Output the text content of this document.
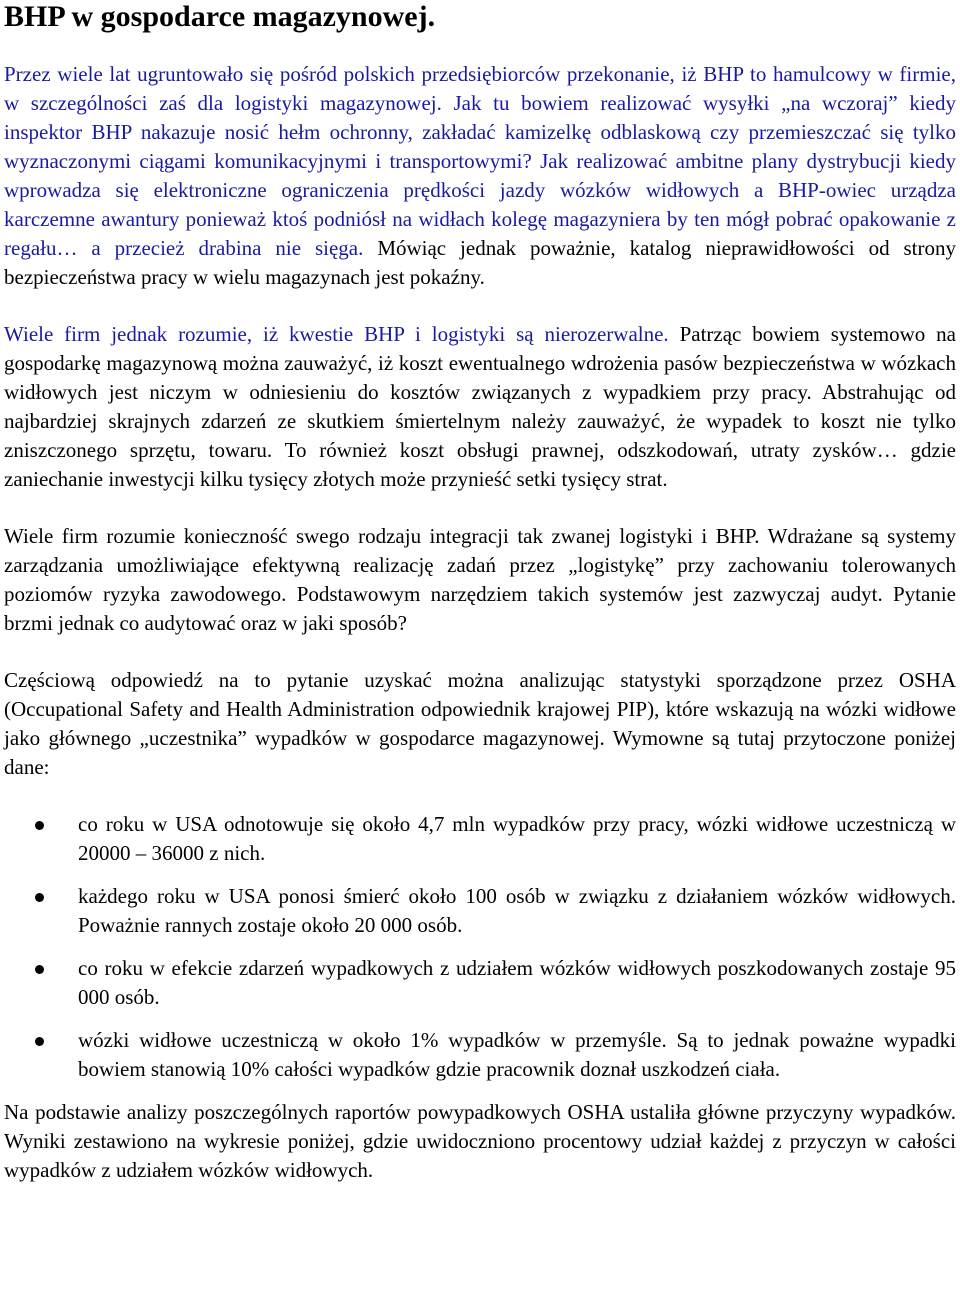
BHP w gospodarce magazynowej.

Przez wiele lat ugruntowało się pośród polskich przedsiębiorców przekonanie, iż BHP to hamulcowy w firmie, w szczególności zaś dla logistyki magazynowej. Jak tu bowiem realizować wysyłki „na wczoraj” kiedy inspektor BHP nakazuje nosić hełm ochronny, zakładać kamizelkę odblaskową czy przemieszczać się tylko wyznaczonymi ciągami komunikacyjnymi i transportowymi? Jak realizować ambitne plany dystrybucji kiedy wprowadza się elektroniczne ograniczenia prędkości jazdy wózków widłowych a BHP-owiec urządza karczemne awantury ponieważ ktoś podniósł na widłach kolegę magazyniera by ten mógł pobrać opakowanie z regału… a przecież drabina nie sięga. Mówiąc jednak poważnie, katalog nieprawidłowości od strony bezpieczeństwa pracy w wielu magazynach jest pokaźny.

Wiele firm jednak rozumie, iż kwestie BHP i logistyki są nierozerwalne. Patrząc bowiem systemowo na gospodarkę magazynową można zauważyć, iż koszt ewentualnego wdrożenia pasów bezpieczeństwa w wózkach widłowych jest niczym w odniesieniu do kosztów związanych z wypadkiem przy pracy. Abstrahując od najbardziej skrajnych zdarzeń ze skutkiem śmiertelnym należy zauważyć, że wypadek to koszt nie tylko zniszczonego sprzętu, towaru. To również koszt obsługi prawnej, odszkodowań, utraty zysków… gdzie zaniechanie inwestycji kilku tysięcy złotych może przynieść setki tysięcy strat.

Wiele firm rozumie konieczność swego rodzaju integracji tak zwanej logistyki i BHP. Wdrażane są systemy zarządzania umożliwiające efektywną realizację zadań przez „logistykę” przy zachowaniu tolerowanych poziomów ryzyka zawodowego. Podstawowym narzędziem takich systemów jest zazwyczaj audyt. Pytanie brzmi jednak co audytować oraz w jaki sposób?

Częściową odpowiedź na to pytanie uzyskać można analizując statystyki sporządzone przez OSHA (Occupational Safety and Health Administration odpowiednik krajowej PIP), które wskazują na wózki widłowe jako głównego „uczestnika” wypadków w gospodarce magazynowej. Wymowne są tutaj przytoczone poniżej dane:

co roku w USA odnotowuje się około 4,7 mln wypadków przy pracy, wózki widłowe uczestniczą w 20000 – 36000 z nich.
każdego roku w USA ponosi śmierć około 100 osób w związku z działaniem wózków widłowych. Poważnie rannych zostaje około 20 000 osób.
co roku w efekcie zdarzeń wypadkowych z udziałem wózków widłowych poszkodowanych zostaje 95 000 osób.
wózki widłowe uczestniczą w około 1% wypadków w przemyśle. Są to jednak poważne wypadki bowiem stanowią 10% całości wypadków gdzie pracownik doznał uszkodzeń ciała.

Na podstawie analizy poszczególnych raportów powypadkowych OSHA ustaliła główne przyczyny wypadków. Wyniki zestawiono na wykresie poniżej, gdzie uwidoczniono procentowy udział każdej z przyczyn w całości wypadków z udziałem wózków widłowych.
